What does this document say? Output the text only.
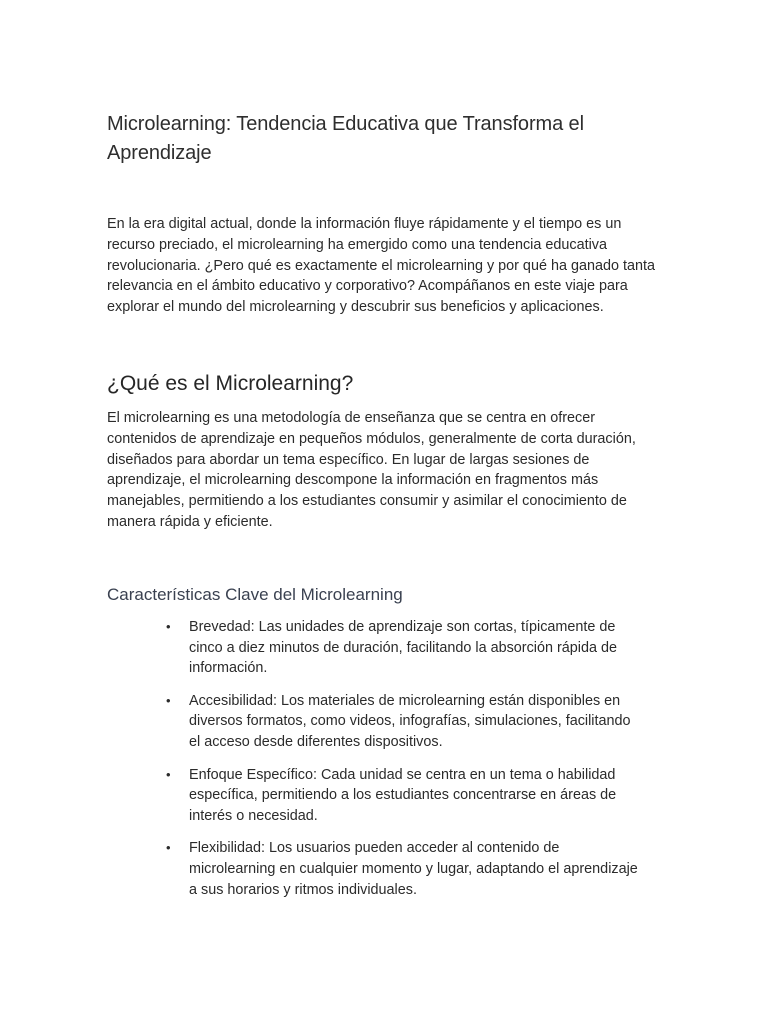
Microlearning: Tendencia Educativa que Transforma el Aprendizaje

En la era digital actual, donde la información fluye rápidamente y el tiempo es un recurso preciado, el microlearning ha emergido como una tendencia educativa revolucionaria. ¿Pero qué es exactamente el microlearning y por qué ha ganado tanta relevancia en el ámbito educativo y corporativo? Acompáñanos en este viaje para explorar el mundo del microlearning y descubrir sus beneficios y aplicaciones.

¿Qué es el Microlearning?

El microlearning es una metodología de enseñanza que se centra en ofrecer contenidos de aprendizaje en pequeños módulos, generalmente de corta duración, diseñados para abordar un tema específico. En lugar de largas sesiones de aprendizaje, el microlearning descompone la información en fragmentos más manejables, permitiendo a los estudiantes consumir y asimilar el conocimiento de manera rápida y eficiente.

Características Clave del Microlearning
• Brevedad: Las unidades de aprendizaje son cortas, típicamente de cinco a diez minutos de duración, facilitando la absorción rápida de información.
• Accesibilidad: Los materiales de microlearning están disponibles en diversos formatos, como videos, infografías, simulaciones, facilitando el acceso desde diferentes dispositivos.
• Enfoque Específico: Cada unidad se centra en un tema o habilidad específica, permitiendo a los estudiantes concentrarse en áreas de interés o necesidad.
• Flexibilidad: Los usuarios pueden acceder al contenido de microlearning en cualquier momento y lugar, adaptando el aprendizaje a sus horarios y ritmos individuales.
